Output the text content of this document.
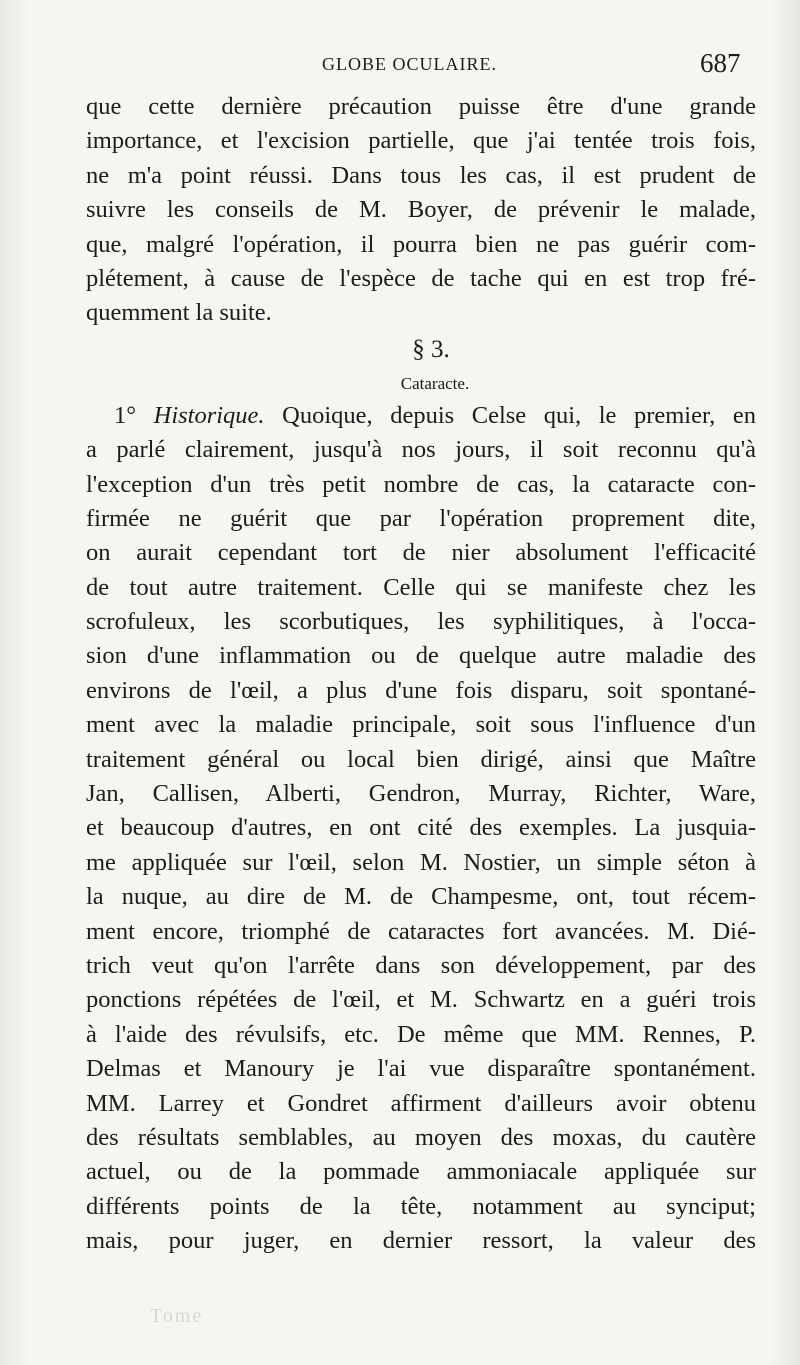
GLOBE OCULAIRE.	687
que cette dernière précaution puisse être d'une grande
importance, et l'excision partielle, que j'ai tentée trois fois,
ne m'a point réussi. Dans tous les cas, il est prudent de
suivre les conseils de M. Boyer, de prévenir le malade,
que, malgré l'opération, il pourra bien ne pas guérir com-
plétement, à cause de l'espèce de tache qui en est trop fré-
quemment la suite.
§ 3.
Cataracte.
1° Historique. Quoique, depuis Celse qui, le premier, en
a parlé clairement, jusqu'à nos jours, il soit reconnu qu'à
l'exception d'un très petit nombre de cas, la cataracte con-
firmée ne guérit que par l'opération proprement dite,
on aurait cependant tort de nier absolument l'efficacité
de tout autre traitement. Celle qui se manifeste chez les
scrofuleux, les scorbutiques, les syphilitiques, à l'occa-
sion d'une inflammation ou de quelque autre maladie des
environs de l'œil, a plus d'une fois disparu, soit spontané-
ment avec la maladie principale, soit sous l'influence d'un
traitement général ou local bien dirigé, ainsi que Maître
Jan, Callisen, Alberti, Gendron, Murray, Richter, Ware,
et beaucoup d'autres, en ont cité des exemples. La jusquia-
me appliquée sur l'œil, selon M. Nostier, un simple séton à
la nuque, au dire de M. de Champesme, ont, tout récem-
ment encore, triomphé de cataractes fort avancées. M. Dié-
trich veut qu'on l'arrête dans son développement, par des
ponctions répétées de l'œil, et M. Schwartz en a guéri trois
à l'aide des révulsifs, etc. De même que MM. Rennes, P.
Delmas et Manoury je l'ai vue disparaître spontanément.
MM. Larrey et Gondret affirment d'ailleurs avoir obtenu
des résultats semblables, au moyen des moxas, du cautère
actuel, ou de la pommade ammoniacale appliquée sur
différents points de la tête, notamment au synciput;
mais, pour juger, en dernier ressort, la valeur des
Tome
